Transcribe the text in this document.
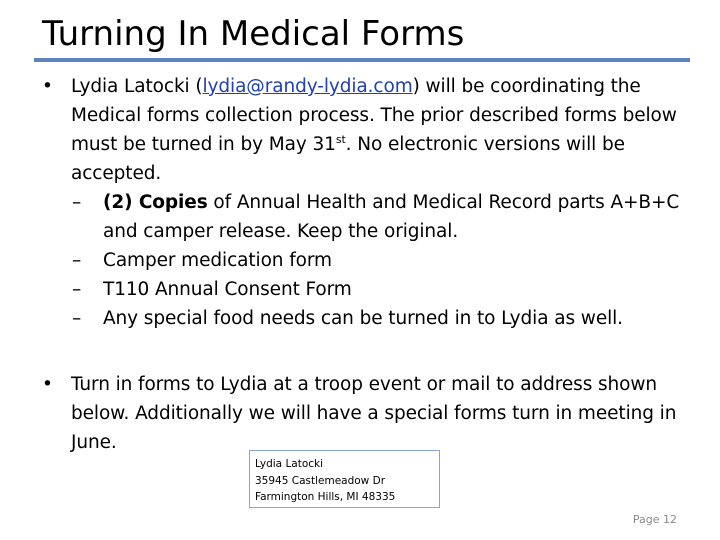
Turning In Medical Forms
• Lydia Latocki (lydia@randy-lydia.com) will be coordinating the Medical forms collection process. The prior described forms below must be turned in by May 31st. No electronic versions will be accepted.
– (2) Copies of Annual Health and Medical Record parts A+B+C and camper release. Keep the original.
– Camper medication form
– T110 Annual Consent Form
– Any special food needs can be turned in to Lydia as well.
• Turn in forms to Lydia at a troop event or mail to address shown below. Additionally we will have a special forms turn in meeting in June.
Lydia Latocki
35945 Castlemeadow Dr
Farmington Hills, MI 48335
Page 12
